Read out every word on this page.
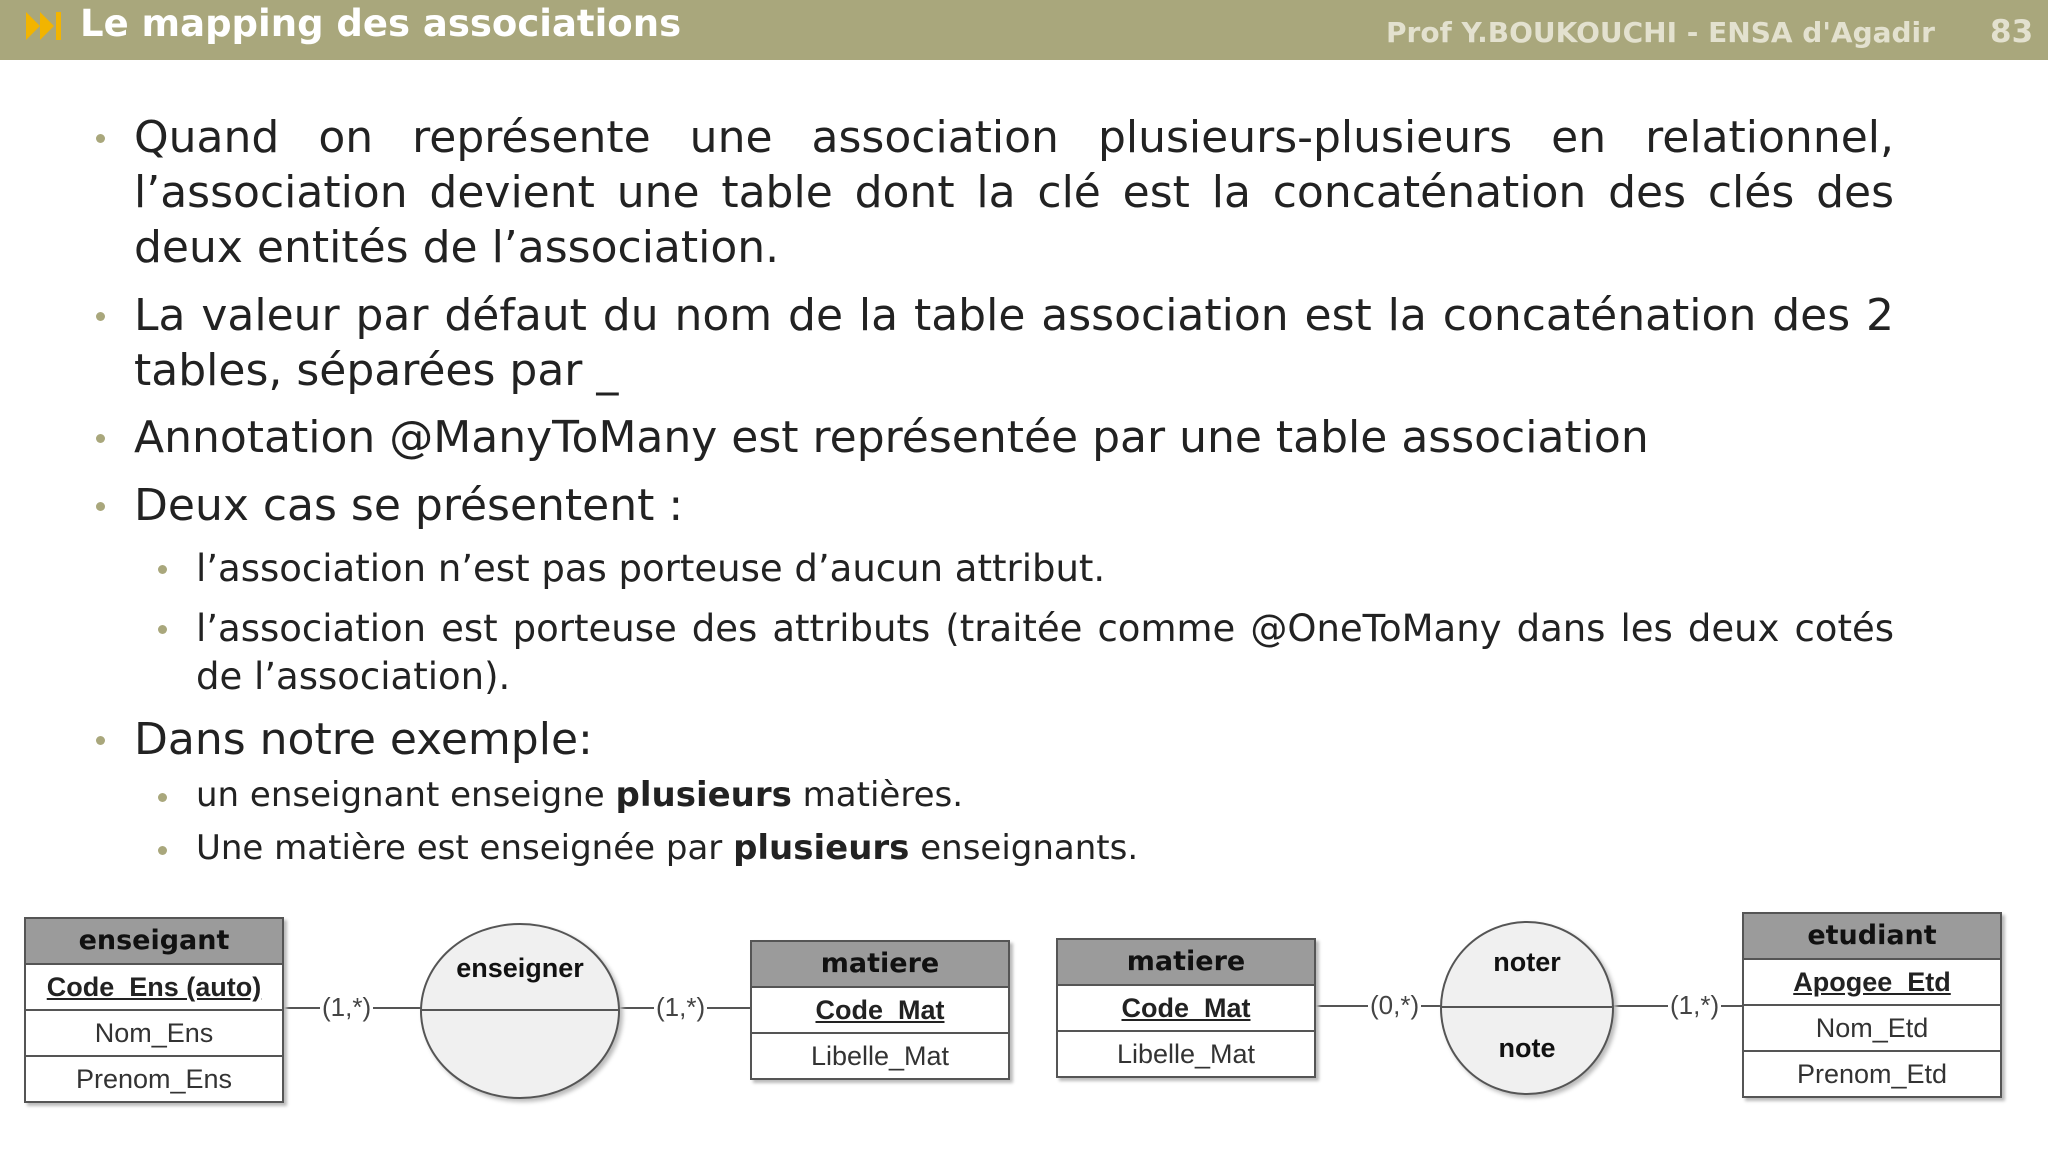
Le mapping des associations	Prof Y.BOUKOUCHI - ENSA d'Agadir 83
Quand on représente une association plusieurs-plusieurs en relationnel, l’association devient une table dont la clé est la concaténation des clés des deux entités de l’association.
La valeur par défaut du nom de la table association est la concaténation des 2 tables, séparées par _
Annotation @ManyToMany est représentée par une table association
Deux cas se présentent :
l’association n’est pas porteuse d’aucun attribut.
l’association est porteuse des attributs (traitée comme @OneToMany dans les deux cotés de l’association).
Dans notre exemple:
un enseignant enseigne plusieurs matières.
Une matière est enseignée par plusieurs enseignants.
enseigant
Code_Ens (auto)
Nom_Ens
Prenom_Ens
enseigner	matiere
Code_Mat
Libelle_Mat
matiere
Code_Mat
Libelle_Mat
noter
note
etudiant
Apogee_Etd
Nom_Etd
Prenom_Etd
(1,*)	(1,*)	(0,*)	(1,*)
